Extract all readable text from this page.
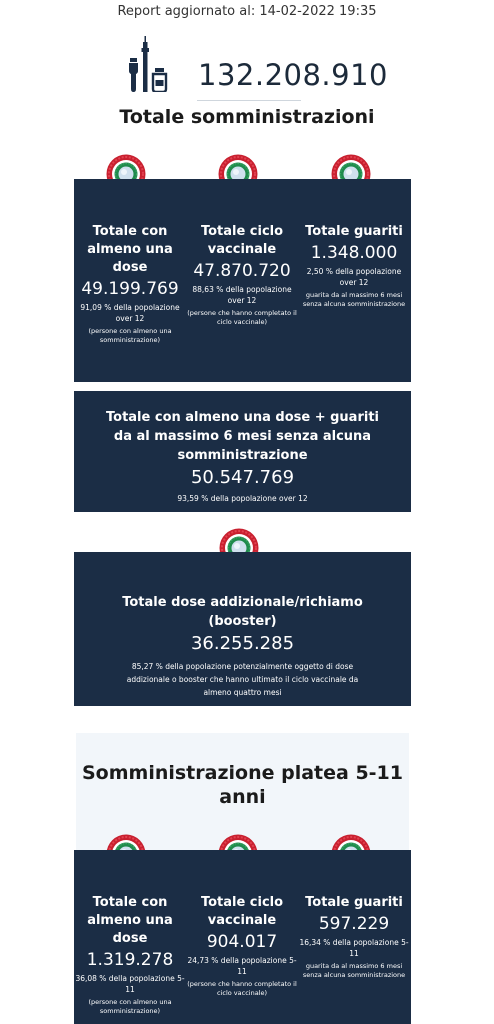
Report aggiornato al: 14-02-2022 19:35
132.208.910
Totale somministrazioni
Totale con almeno una dose
49.199.769
91,09 % della popolazione over 12
(persone con almeno una somministrazione)
Totale ciclo vaccinale
47.870.720
88,63 % della popolazione over 12
(persone che hanno completato il ciclo vaccinale)
Totale guariti
1.348.000
2,50 % della popolazione over 12
guarita da al massimo 6 mesi senza alcuna somministrazione
Totale con almeno una dose + guariti da al massimo 6 mesi senza alcuna somministrazione
50.547.769
93,59 % della popolazione over 12
Totale dose addizionale/richiamo (booster)
36.255.285
85,27 % della popolazione potenzialmente oggetto di dose addizionale o booster che hanno ultimato il ciclo vaccinale da almeno quattro mesi
Somministrazione platea 5-11 anni
Totale con almeno una dose
1.319.278
36,08 % della popolazione 5-11
(persone con almeno una somministrazione)
Totale ciclo vaccinale
904.017
24,73 % della popolazione 5-11
(persone che hanno completato il ciclo vaccinale)
Totale guariti
597.229
16,34 % della popolazione 5-11
guarita da al massimo 6 mesi senza alcuna somministrazione
